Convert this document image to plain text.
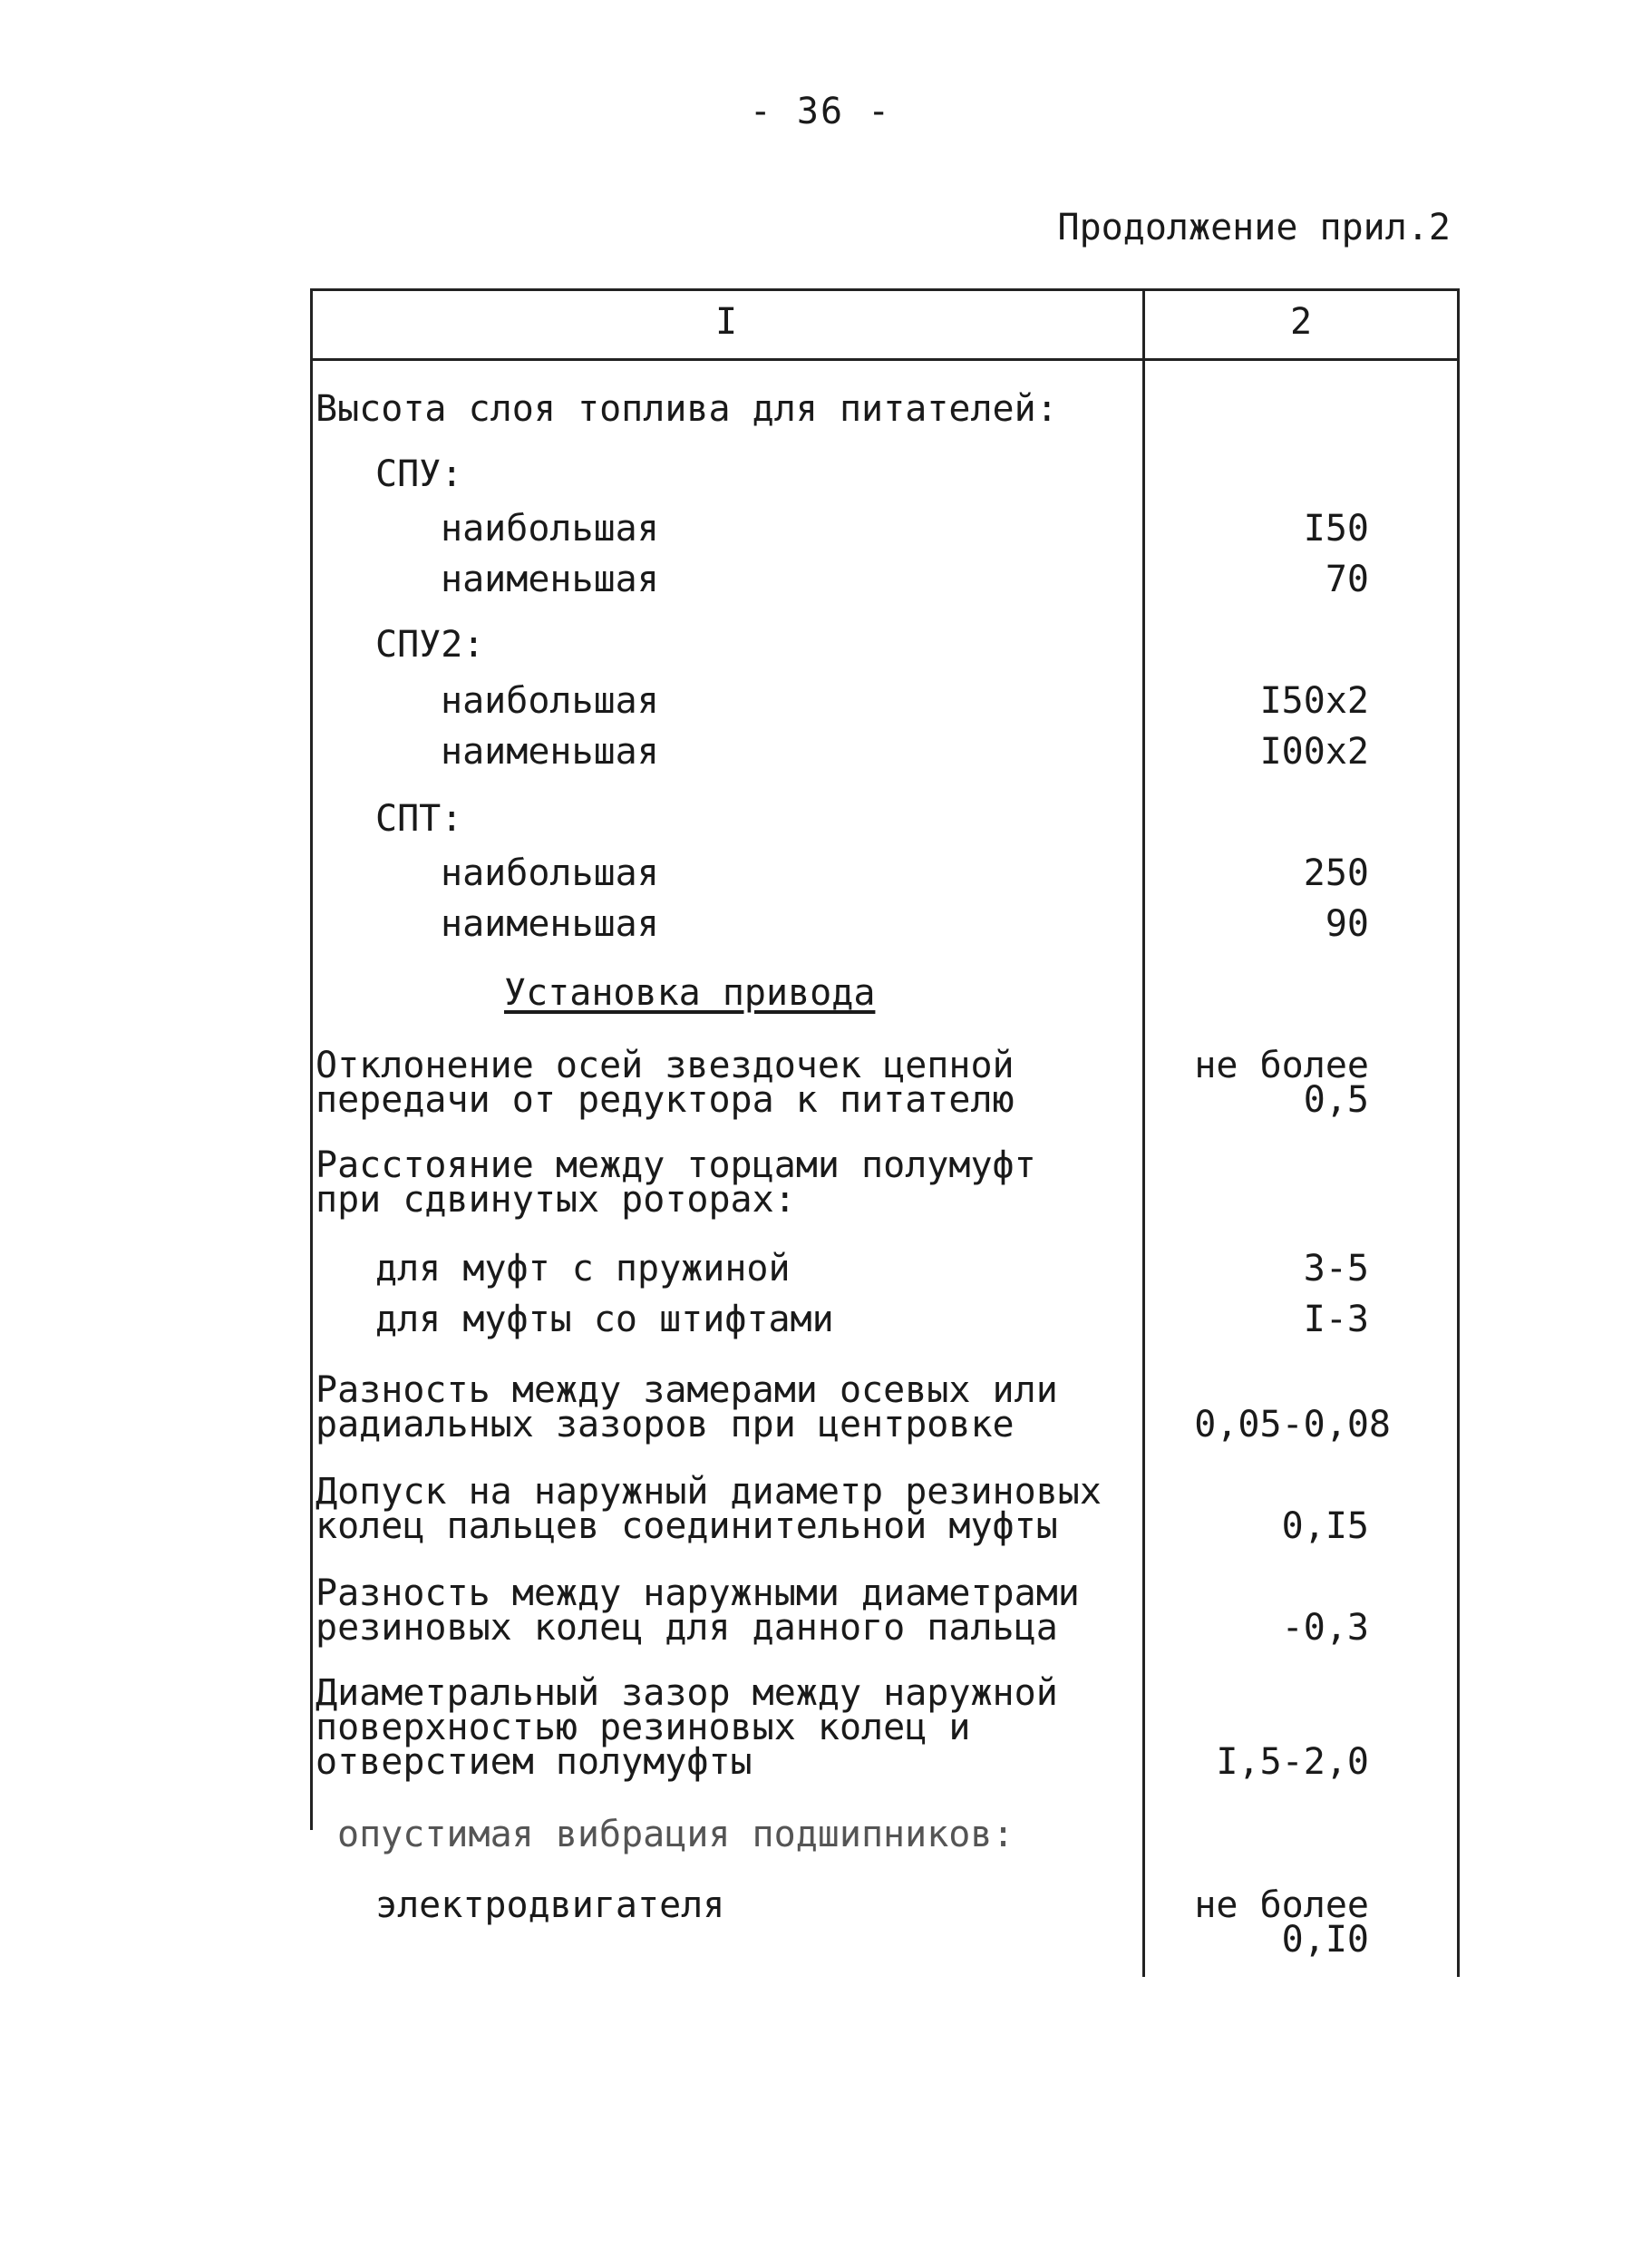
- 36 -
Продолжение прил.2
I	2
Высота слоя топлива для питателей:
СПУ:
наибольшая
наименьшая
СПУ2:
наибольшая
наименьшая
СПТ:
наибольшая
наименьшая
Установка привода
Отклонение осей звездочек цепной
передачи от редуктора к питателю
Расстояние между торцами полумуфт
при сдвинутых роторах:
для муфт с пружиной
для муфты со штифтами
Разность между замерами осевых или
радиальных зазоров при центровке
Допуск на наружный диаметр резиновых
колец пальцев соединительной муфты
Разность между наружными диаметрами
резиновых колец для данного пальца
Диаметральный зазор между наружной
поверхностью резиновых колец и
отверстием полумуфты
опустимая вибрация подшипников:
электродвигателя
I50
70
I50x2
I00x2
250
90
не более
0,5
3-5
I-3
0,05-0,08
0,I5
-0,3
I,5-2,0
не более
0,I0
